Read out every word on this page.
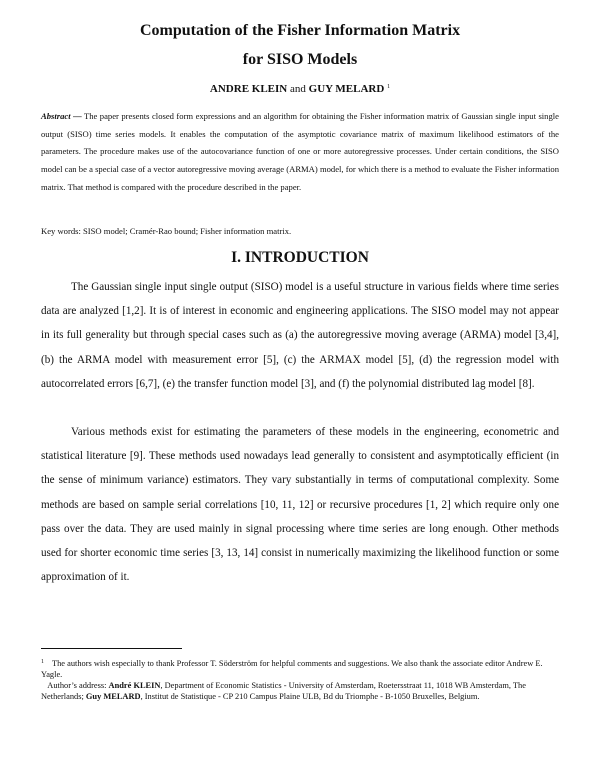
Computation of the Fisher Information Matrix
for SISO Models
ANDRE KLEIN and GUY MELARD $^1$

Abstract — The paper presents closed form expressions and an algorithm for obtaining the Fisher information matrix of Gaussian single input single output (SISO) time series models. It enables the computation of the asymptotic covariance matrix of maximum likelihood estimators of the parameters. The procedure makes use of the autocovariance function of one or more autoregressive processes. Under certain conditions, the SISO model can be a special case of a vector autoregressive moving average (ARMA) model, for which there is a method to evaluate the Fisher information matrix. That method is compared with the procedure described in the paper.

Key words: SISO model; Cramér-Rao bound; Fisher information matrix.

I. INTRODUCTION

The Gaussian single input single output (SISO) model is a useful structure in various fields where time series data are analyzed [1,2]. It is of interest in economic and engineering applications. The SISO model may not appear in its full generality but through special cases such as (a) the autoregressive moving average (ARMA) model [3,4], (b) the ARMA model with measurement error [5], (c) the ARMAX model [5], (d) the regression model with autocorrelated errors [6,7], (e) the transfer function model [3], and (f) the polynomial distributed lag model [8].

Various methods exist for estimating the parameters of these models in the engineering, econometric and statistical literature [9]. These methods used nowadays lead generally to consistent and asymptotically efficient (in the sense of minimum variance) estimators. They vary substantially in terms of computational complexity. Some methods are based on sample serial correlations [10, 11, 12] or recursive procedures [1, 2] which require only one pass over the data. They are used mainly in signal processing where time series are long enough. Other methods used for shorter economic time series [3, 13, 14] consist in numerically maximizing the likelihood function or some approximation of it.

$^1$ The authors wish especially to thank Professor T. Söderström for helpful comments and suggestions. We also thank the associate editor Andrew E. Yagle.
Author’s address: André KLEIN, Department of Economic Statistics - University of Amsterdam, Roetersstraat 11, 1018 WB Amsterdam, The Netherlands; Guy MELARD, Institut de Statistique - CP 210 Campus Plaine ULB, Bd du Triomphe - B-1050 Bruxelles, Belgium.
